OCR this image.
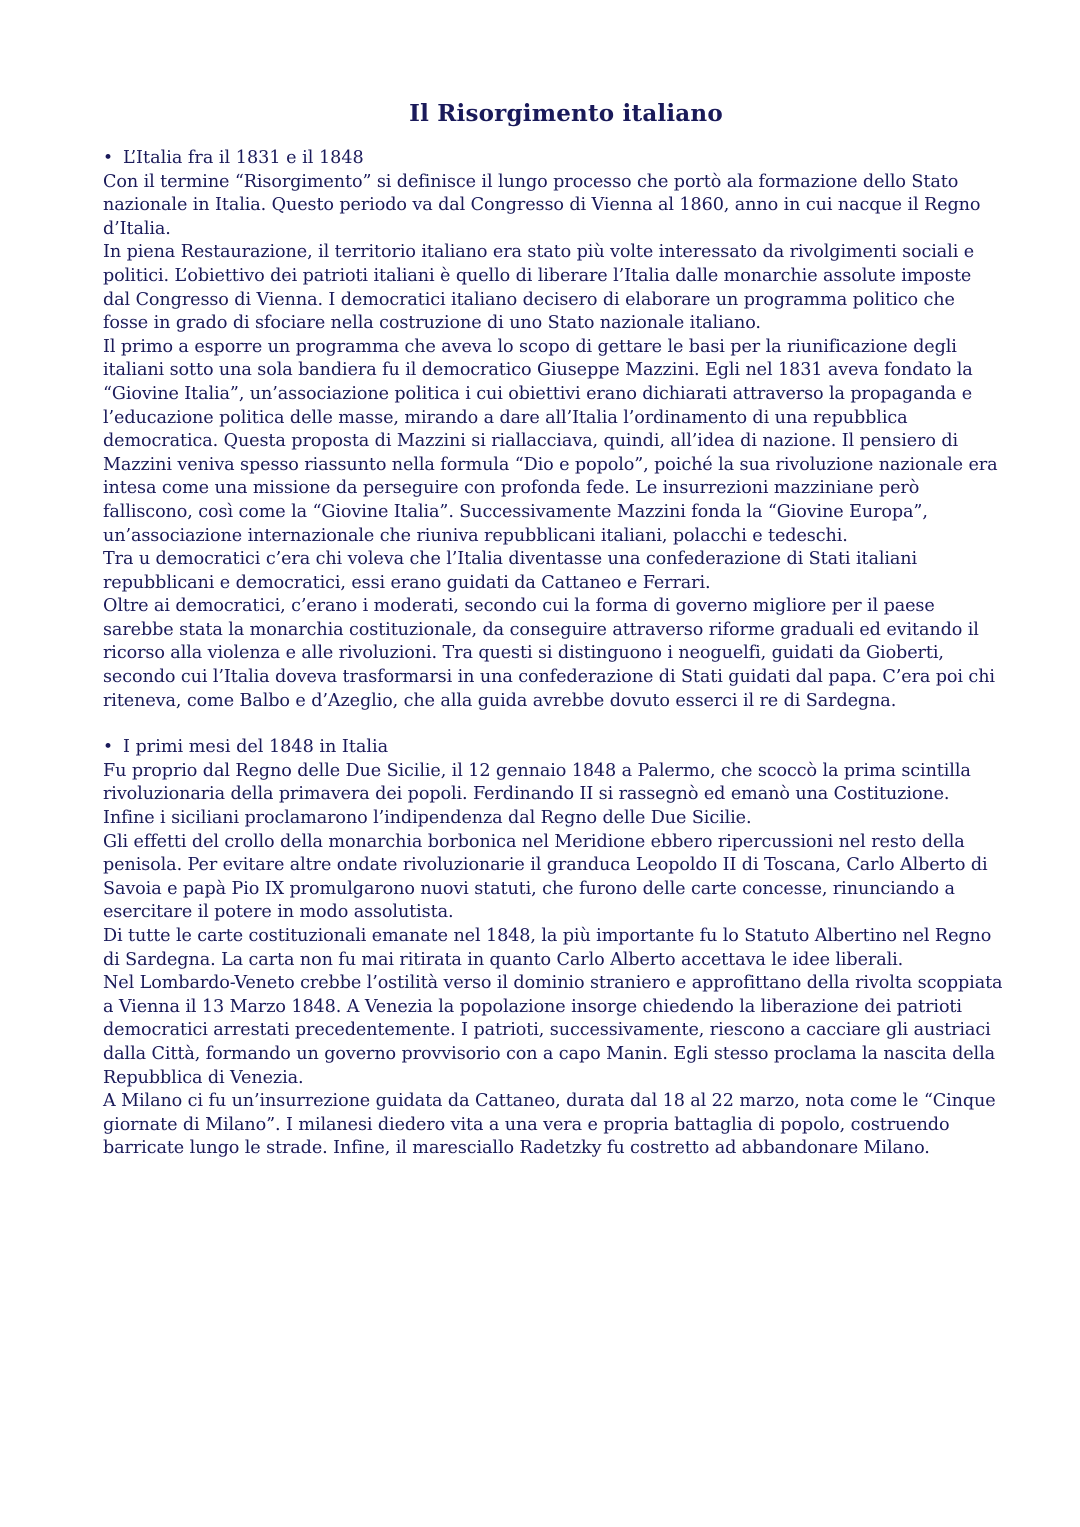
Il Risorgimento italiano

• L’Italia fra il 1831 e il 1848

Con il termine “Risorgimento” si definisce il lungo processo che portò ala formazione dello Stato nazionale in Italia. Questo periodo va dal Congresso di Vienna al 1860, anno in cui nacque il Regno d’Italia.

In piena Restaurazione, il territorio italiano era stato più volte interessato da rivolgimenti sociali e politici. L’obiettivo dei patrioti italiani è quello di liberare l’Italia dalle monarchie assolute imposte dal Congresso di Vienna. I democratici italiano decisero di elaborare un programma politico che fosse in grado di sfociare nella costruzione di uno Stato nazionale italiano.

Il primo a esporre un programma che aveva lo scopo di gettare le basi per la riunificazione degli italiani sotto una sola bandiera fu il democratico Giuseppe Mazzini. Egli nel 1831 aveva fondato la “Giovine Italia”, un’associazione politica i cui obiettivi erano dichiarati attraverso la propaganda e l’educazione politica delle masse, mirando a dare all’Italia l’ordinamento di una repubblica democratica. Questa proposta di Mazzini si riallacciava, quindi, all’idea di nazione. Il pensiero di Mazzini veniva spesso riassunto nella formula “Dio e popolo”, poiché la sua rivoluzione nazionale era intesa come una missione da perseguire con profonda fede. Le insurrezioni mazziniane però falliscono, così come la “Giovine Italia”. Successivamente Mazzini fonda la “Giovine Europa”, un’associazione internazionale che riuniva repubblicani italiani, polacchi e tedeschi.

Tra u democratici c’era chi voleva che l’Italia diventasse una confederazione di Stati italiani repubblicani e democratici, essi erano guidati da Cattaneo e Ferrari.

Oltre ai democratici, c’erano i moderati, secondo cui la forma di governo migliore per il paese sarebbe stata la monarchia costituzionale, da conseguire attraverso riforme graduali ed evitando il ricorso alla violenza e alle rivoluzioni. Tra questi si distinguono i neoguelfi, guidati da Gioberti, secondo cui l’Italia doveva trasformarsi in una confederazione di Stati guidati dal papa. C’era poi chi riteneva, come Balbo e d’Azeglio, che alla guida avrebbe dovuto esserci il re di Sardegna.

• I primi mesi del 1848 in Italia

Fu proprio dal Regno delle Due Sicilie, il 12 gennaio 1848 a Palermo, che scoccò la prima scintilla rivoluzionaria della primavera dei popoli. Ferdinando II si rassegnò ed emanò una Costituzione. Infine i siciliani proclamarono l’indipendenza dal Regno delle Due Sicilie.

Gli effetti del crollo della monarchia borbonica nel Meridione ebbero ripercussioni nel resto della penisola. Per evitare altre ondate rivoluzionarie il granduca Leopoldo II di Toscana, Carlo Alberto di Savoia e papà Pio IX promulgarono nuovi statuti, che furono delle carte concesse, rinunciando a esercitare il potere in modo assolutista.

Di tutte le carte costituzionali emanate nel 1848, la più importante fu lo Statuto Albertino nel Regno di Sardegna. La carta non fu mai ritirata in quanto Carlo Alberto accettava le idee liberali.

Nel Lombardo-Veneto crebbe l’ostilità verso il dominio straniero e approfittano della rivolta scoppiata a Vienna il 13 Marzo 1848. A Venezia la popolazione insorge chiedendo la liberazione dei patrioti democratici arrestati precedentemente. I patrioti, successivamente, riescono a cacciare gli austriaci dalla Città, formando un governo provvisorio con a capo Manin. Egli stesso proclama la nascita della Repubblica di Venezia.

A Milano ci fu un’insurrezione guidata da Cattaneo, durata dal 18 al 22 marzo, nota come le “Cinque giornate di Milano”. I milanesi diedero vita a una vera e propria battaglia di popolo, costruendo barricate lungo le strade. Infine, il maresciallo Radetzky fu costretto ad abbandonare Milano.
